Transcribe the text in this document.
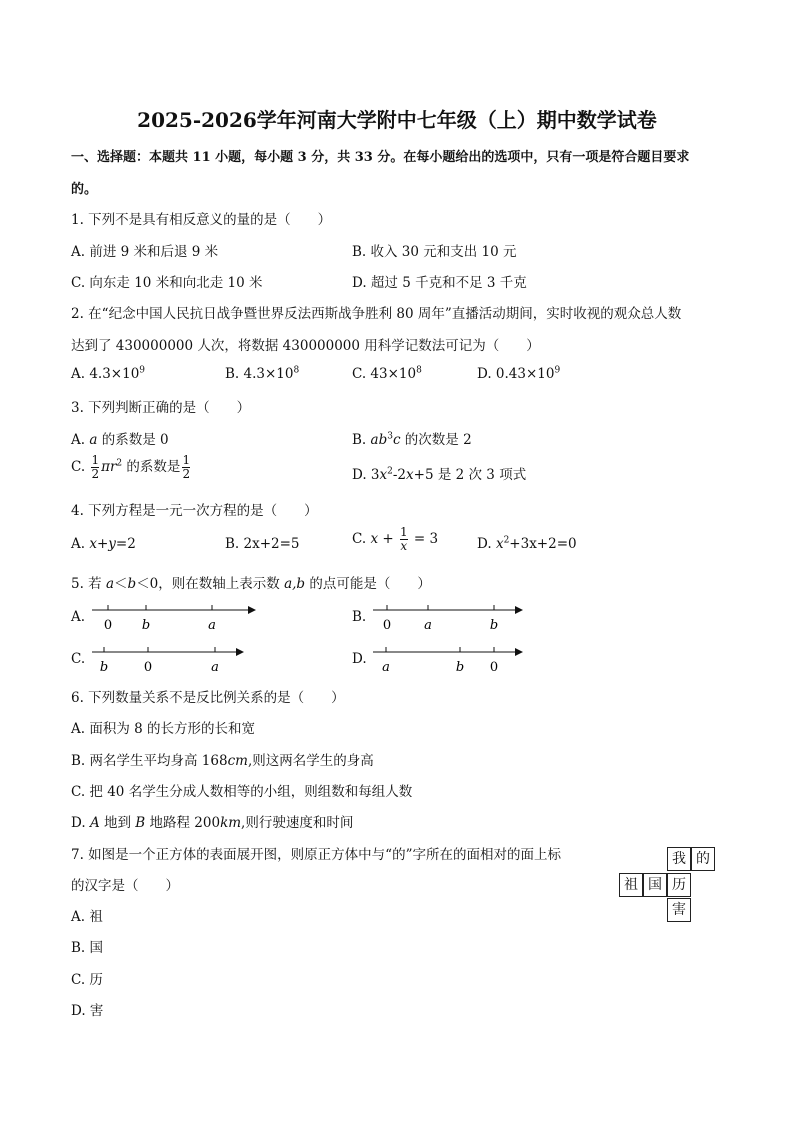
2025-2026学年河南大学附中七年级（上）期中数学试卷
一、选择题：本题共 11 小题，每小题 3 分，共 33 分。在每小题给出的选项中，只有一项是符合题目要求
的。
1. 下列不是具有相反意义的量的是（　　）
A. 前进 9 米和后退 9 米	B. 收入 30 元和支出 10 元
C. 向东走 10 米和向北走 10 米	D. 超过 5 千克和不足 3 千克
2. 在“纪念中国人民抗日战争暨世界反法西斯战争胜利 80 周年”直播活动期间，实时收视的观众总人数
达到了 430000000 人次，将数据 430000000 用科学记数法可记为（　　）
A. $4.3\times 10^9$	B. $4.3\times 10^8$	C. $43\times 10^8$	D. $0.43\times 10^9$
3. 下列判断正确的是（　　）
A. a 的系数是 0	B. $ab^3c$ 的次数是 2
C. $\frac{1}{2} \pi r^2$ 的系数是 $\frac{1}{2}$	D. $3x^2-2x+5$ 是 2 次 3 项式
4. 下列方程是一元一次方程的是（　　）
A. x+y=2	B. 2x+2=5	C. $x + \frac{1}{x} = 3$	D. $x^2+3x+2=0$
5. 若 a＜b＜0，则在数轴上表示数 a,b 的点可能是（　　）
A.
0 b	a
B.
0	a	b
C.
b	0	a
D.
a	b 0
6. 下列数量关系不是反比例关系的是（　　）
A. 面积为 8 的长方形的长和宽
B. 两名学生平均身高 168cm,则这两名学生的身高
C. 把 40 名学生分成人数相等的小组，则组数和每组人数
D. A 地到 B 地路程 200km,则行驶速度和时间
7. 如图是一个正方体的表面展开图，则原正方体中与“的”字所在的面相对的面上标
的汉字是（　　）
A. 祖
B. 国
C. 历
D. 害
我 的
祖 国 历
害
